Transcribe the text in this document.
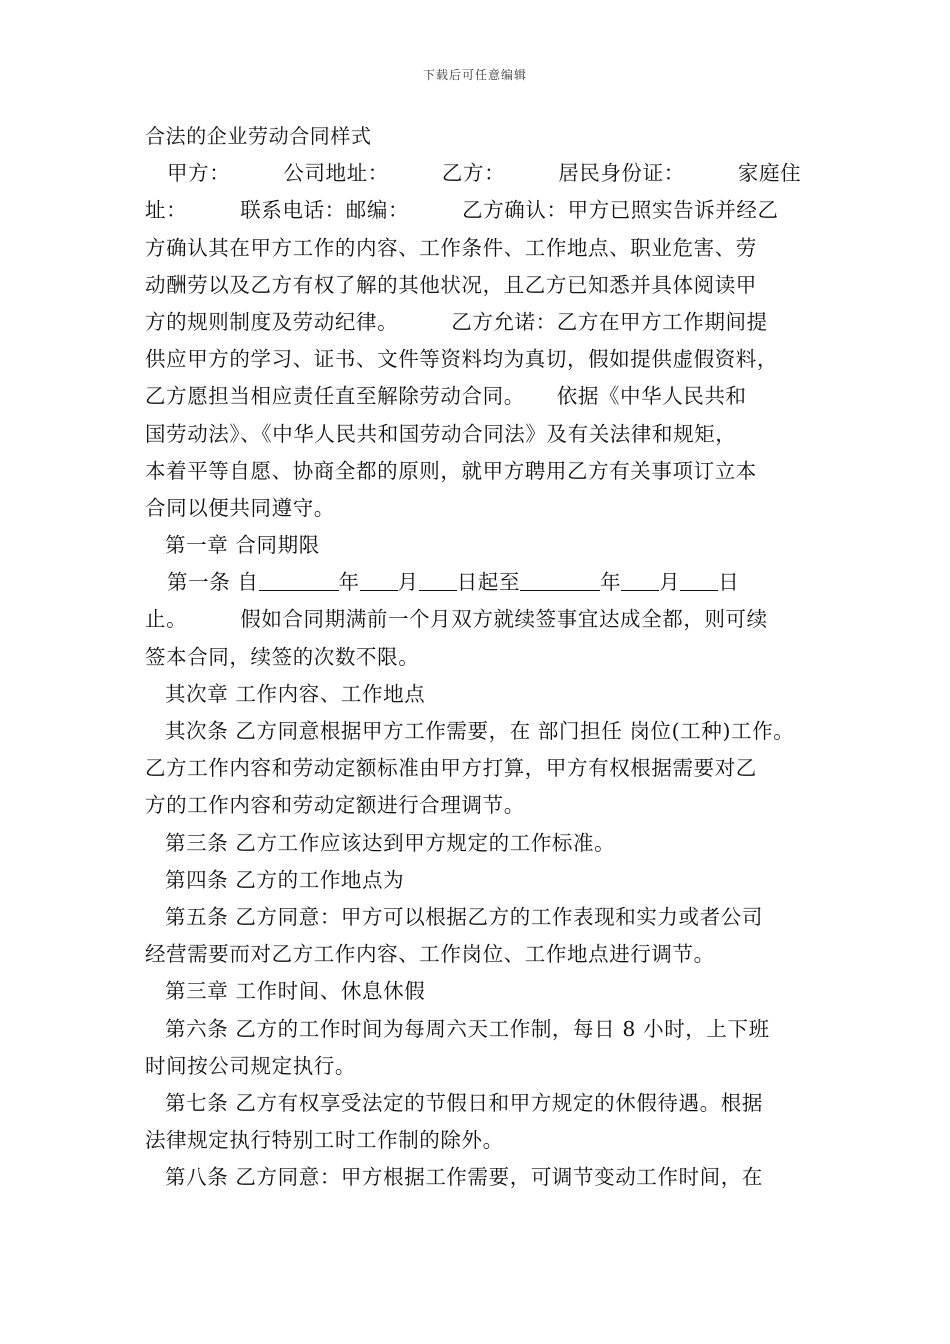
下载后可任意编辑
合法的企业劳动合同样式
甲方：　　　公司地址：　　　乙方：　　　居民身份证：　　　家庭住
址：　　　联系电话：邮编：　　　乙方确认：甲方已照实告诉并经乙
方确认其在甲方工作的内容、工作条件、工作地点、职业危害、劳
动酬劳以及乙方有权了解的其他状况，且乙方已知悉并具体阅读甲
方的规则制度及劳动纪律。　　　乙方允诺：乙方在甲方工作期间提
供应甲方的学习、证书、文件等资料均为真切，假如提供虚假资料，
乙方愿担当相应责任直至解除劳动合同。　　依据《中华人民共和
国劳动法》、《中华人民共和国劳动合同法》及有关法律和规矩，
本着平等自愿、协商全都的原则，就甲方聘用乙方有关事项订立本
合同以便共同遵守。
第一章 合同期限
第一条 自	年 月 日起至	年 月 日
止。　　　假如合同期满前一个月双方就续签事宜达成全都，则可续
签本合同，续签的次数不限。
其次章 工作内容、工作地点
其次条 乙方同意根据甲方工作需要，在 部门担任 岗位(工种)工作。
乙方工作内容和劳动定额标准由甲方打算，甲方有权根据需要对乙
方的工作内容和劳动定额进行合理调节。
第三条 乙方工作应该达到甲方规定的工作标准。
第四条 乙方的工作地点为
第五条 乙方同意：甲方可以根据乙方的工作表现和实力或者公司
经营需要而对乙方工作内容、工作岗位、工作地点进行调节。
第三章 工作时间、休息休假
第六条 乙方的工作时间为每周六天工作制，每日 8 小时，上下班
时间按公司规定执行。
第七条 乙方有权享受法定的节假日和甲方规定的休假待遇。根据
法律规定执行特别工时工作制的除外。
第八条 乙方同意：甲方根据工作需要，可调节变动工作时间，在
